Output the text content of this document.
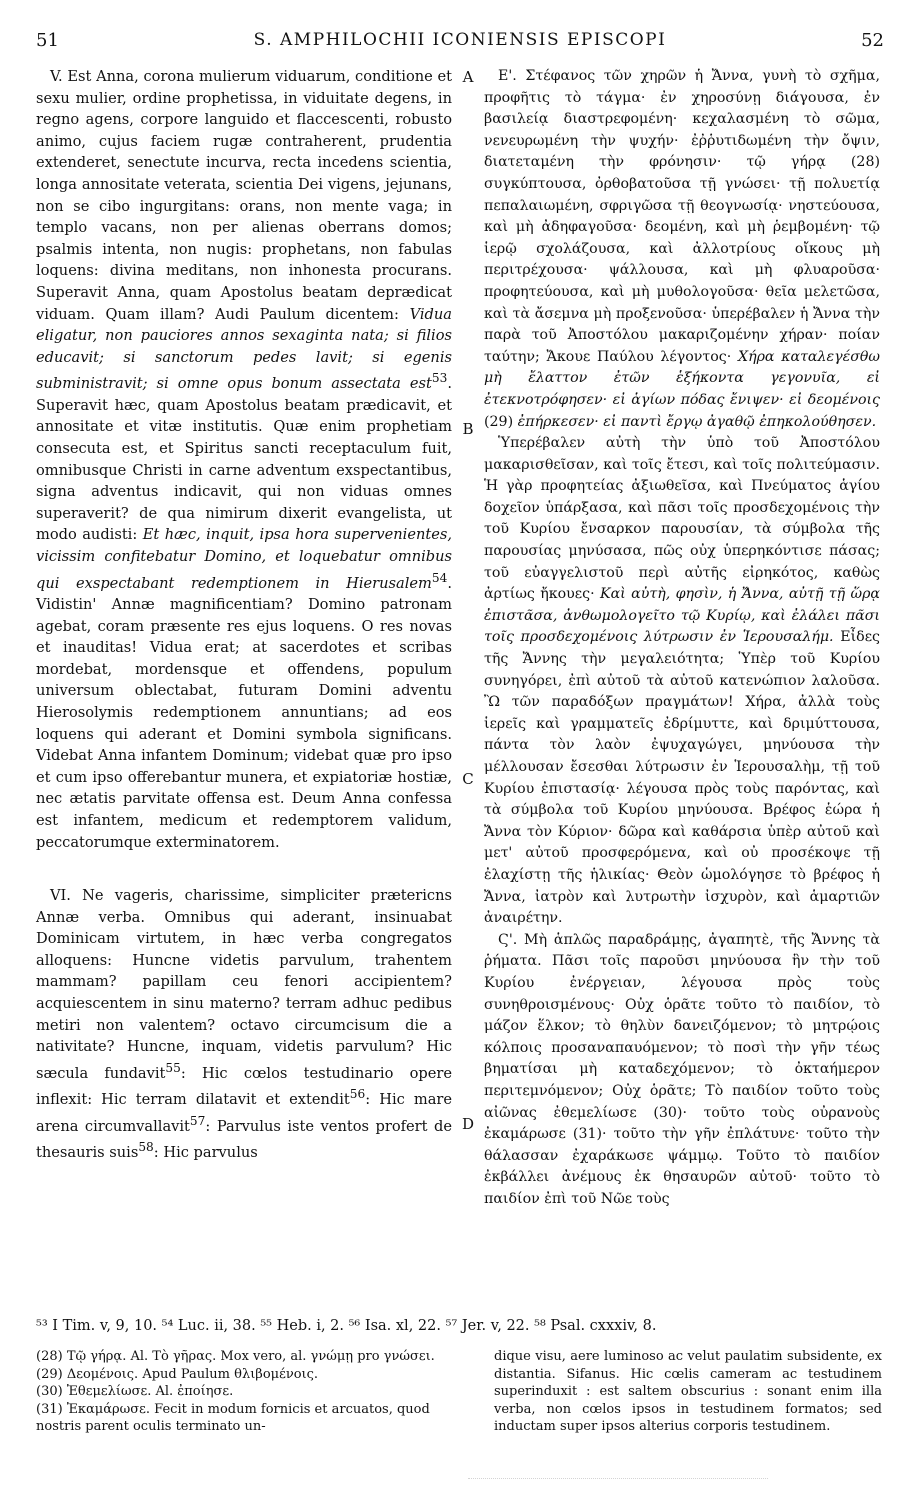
51	S. AMPHILOCHII ICONIENSIS EPISCOPI	52

V. Est Anna, corona mulierum viduarum, conditione et sexu mulier, ordine prophetissa, in viduitate degens, in regno agens, corpore languido et flaccescenti, robusto animo, cujus faciem rugæ contraherent, prudentia extenderet, senectute incurva, recta incedens scientia, longa annositate veterata, scientia Dei vigens, jejunans, non se cibo ingurgitans: orans, non mente vaga; in templo vacans, non per alienas oberrans domos; psalmis intenta, non nugis: prophetans, non fabulas loquens: divina meditans, non inhonesta procurans. Superavit Anna, quam Apostolus beatam deprædicat viduam. Quam illam? Audi Paulum dicentem: Vidua eligatur, non pauciores annos sexaginta nata; si filios educavit; si sanctorum pedes lavit; si egenis subministravit; si omne opus bonum assectata est$^{53}$. Superavit hæc, quam Apostolus beatam prædicavit, et annositate et vitæ institutis. Quæ enim prophetiam consecuta est, et Spiritus sancti receptaculum fuit, omnibusque Christi in carne adventum exspectantibus, signa adventus indicavit, qui non viduas omnes superaverit? de qua nimirum dixerit evangelista, ut modo audisti: Et hæc, inquit, ipsa hora supervenientes, vicissim confitebatur Domino, et loquebatur omnibus qui exspectabant redemptionem in Hierusalem$^{54}$. Vidistin' Annæ magnificentiam? Domino patronam agebat, coram præsente res ejus loquens. O res novas et inauditas! Vidua erat; at sacerdotes et scribas mordebat, mordensque et offendens, populum universum oblectabat, futuram Domini adventu Hierosolymis redemptionem annuntians; ad eos loquens qui aderant et Domini symbola significans. Videbat Anna infantem Dominum; videbat quæ pro ipso et cum ipso offerebantur munera, et expiatoriæ hostiæ, nec ætatis parvitate offensa est. Deum Anna confessa est infantem, medicum et redemptorem validum, peccatorumque exterminatorem.

VI. Ne vageris, charissime, simpliciter prætericns Annæ verba. Omnibus qui aderant, insinuabat Dominicam virtutem, in hæc verba congregatos alloquens: Huncne videtis parvulum, trahentem mammam? papillam ceu fenori accipientem? acquiescentem in sinu materno? terram adhuc pedibus metiri non valentem? octavo circumcisum die a nativitate? Huncne, inquam, videtis parvulum? Hic sæcula fundavit$^{55}$: Hic cœlos testudinario opere inflexit: Hic terram dilatavit et extendit$^{56}$: Hic mare arena circumvallavit$^{57}$: Parvulus iste ventos profert de thesauris suis$^{58}$: Hic parvulus

A
B
C
D

Ε'. Στέφανος τῶν χηρῶν ἡ Ἄννα, γυνὴ τὸ σχῆμα, προφῆτις τὸ τάγμα· ἐν χηροσύνῃ διάγουσα, ἐν βασιλείᾳ διαστρεφομένη· κεχαλασμένη τὸ σῶμα, νενευρωμένη τὴν ψυχήν· ἐῤῥυτιδωμένη τὴν ὄψιν, διατεταμένη τὴν φρόνησιν· τῷ γήρᾳ (28) συγκύπτουσα, ὀρθοβατοῦσα τῇ γνώσει· τῇ πολυετίᾳ πεπαλαιωμένη, σφριγῶσα τῇ θεογνωσίᾳ· νηστεύουσα, καὶ μὴ ἀδηφαγοῦσα· δεομένη, καὶ μὴ ῥεμβομένη· τῷ ἱερῷ σχολάζουσα, καὶ ἀλλοτρίους οἴκους μὴ περιτρέχουσα· ψάλλουσα, καὶ μὴ φλυαροῦσα· προφητεύουσα, καὶ μὴ μυθολογοῦσα· θεῖα μελετῶσα, καὶ τὰ ἄσεμνα μὴ προξενοῦσα· ὑπερέβαλεν ἡ Ἄννα τὴν παρὰ τοῦ Ἀποστόλου μακαριζομένην χήραν· ποίαν ταύτην; Ἄκουε Παύλου λέγοντος· Χήρα καταλεγέσθω μὴ ἔλαττον ἐτῶν ἑξήκοντα γεγονυῖα, εἰ ἐτεκνοτρόφησεν· εἰ ἁγίων πόδας ἔνιψεν· εἰ δεομένοις (29) ἐπήρκεσεν· εἰ παντὶ ἔργῳ ἀγαθῷ ἐπηκολούθησεν.

Ὑπερέβαλεν αὐτὴ τὴν ὑπὸ τοῦ Ἀποστόλου μακαρισθεῖσαν, καὶ τοῖς ἔτεσι, καὶ τοῖς πολιτεύμασιν. Ἡ γὰρ προφητείας ἀξιωθεῖσα, καὶ Πνεύματος ἁγίου δοχεῖον ὑπάρξασα, καὶ πᾶσι τοῖς προσδεχομένοις τὴν τοῦ Κυρίου ἔνσαρκον παρουσίαν, τὰ σύμβολα τῆς παρουσίας μηνύσασα, πῶς οὐχ ὑπερηκόντισε πάσας; τοῦ εὐαγγελιστοῦ περὶ αὐτῆς εἰρηκότος, καθὼς ἀρτίως ἤκουες· Καὶ αὐτὴ, φησὶν, ἡ Ἄννα, αὐτῇ τῇ ὥρᾳ ἐπιστᾶσα, ἀνθωμολογεῖτο τῷ Κυρίῳ, καὶ ἐλάλει πᾶσι τοῖς προσδεχομένοις λύτρωσιν ἐν Ἱερουσαλήμ. Εἶδες τῆς Ἄννης τὴν μεγαλειότητα; Ὑπὲρ τοῦ Κυρίου συνηγόρει, ἐπὶ αὐτοῦ τὰ αὐτοῦ κατενώπιον λαλοῦσα. Ὢ τῶν παραδόξων πραγμάτων! Χήρα, ἀλλὰ τοὺς ἱερεῖς καὶ γραμματεῖς ἐδρίμυττε, καὶ δριμύττουσα, πάντα τὸν λαὸν ἐψυχαγώγει, μηνύουσα τὴν μέλλουσαν ἔσεσθαι λύτρωσιν ἐν Ἱερουσαλὴμ, τῇ τοῦ Κυρίου ἐπιστασίᾳ· λέγουσα πρὸς τοὺς παρόντας, καὶ τὰ σύμβολα τοῦ Κυρίου μηνύουσα. Βρέφος ἑώρα ἡ Ἄννα τὸν Κύριον· δῶρα καὶ καθάρσια ὑπὲρ αὐτοῦ καὶ μετ' αὐτοῦ προσφερόμενα, καὶ οὐ προσέκοψε τῇ ἐλαχίστῃ τῆς ἡλικίας· Θεὸν ὡμολόγησε τὸ βρέφος ἡ Ἄννα, ἰατρὸν καὶ λυτρωτὴν ἰσχυρὸν, καὶ ἁμαρτιῶν ἀναιρέτην.

Ϛ'. Μὴ ἁπλῶς παραδράμῃς, ἀγαπητὲ, τῆς Ἄννης τὰ ῥήματα. Πᾶσι τοῖς παροῦσι μηνύουσα ἣν τὴν τοῦ Κυρίου ἐνέργειαν, λέγουσα πρὸς τοὺς συνηθροισμένους· Οὐχ ὁρᾶτε τοῦτο τὸ παιδίον, τὸ μάζον ἕλκον; τὸ θηλὺν δανειζόμενον; τὸ μητρῴοις κόλποις προσαναπαυόμενον; τὸ ποσὶ τὴν γῆν τέως βηματίσαι μὴ καταδεχόμενον; τὸ ὀκταήμερον περιτεμνόμενον; Οὐχ ὁρᾶτε; Τὸ παιδίον τοῦτο τοὺς αἰῶνας ἐθεμελίωσε (30)· τοῦτο τοὺς οὐρανοὺς ἐκαμάρωσε (31)· τοῦτο τὴν γῆν ἐπλάτυνε· τοῦτο τὴν θάλασσαν ἐχαράκωσε ψάμμῳ. Τοῦτο τὸ παιδίον ἐκβάλλει ἀνέμους ἐκ θησαυρῶν αὐτοῦ· τοῦτο τὸ παιδίον ἐπὶ τοῦ Νῶε τοὺς

⁵³ I Tim. v, 9, 10. ⁵⁴ Luc. ii, 38. ⁵⁵ Heb. i, 2. ⁵⁶ Isa. xl, 22. ⁵⁷ Jer. v, 22. ⁵⁸ Psal. cxxxiv, 8.
(28) Τῷ γήρᾳ. Al. Τὸ γῆρας. Mox vero, al. γνώμῃ pro γνώσει.
(29) Δεομένοις. Apud Paulum θλιβομένοις.
(30) Ἐθεμελίωσε. Al. ἐποίησε.
(31) Ἐκαμάρωσε. Fecit in modum fornicis et arcuatos, quod nostris parent oculis terminato un-
dique visu, aere luminoso ac velut paulatim subsidente, ex distantia. Sifanus. Hic cœlis cameram ac testudinem superinduxit : est saltem obscurius : sonant enim illa verba, non cœlos ipsos in testudinem formatos; sed inductam super ipsos alterius corporis testudinem.
